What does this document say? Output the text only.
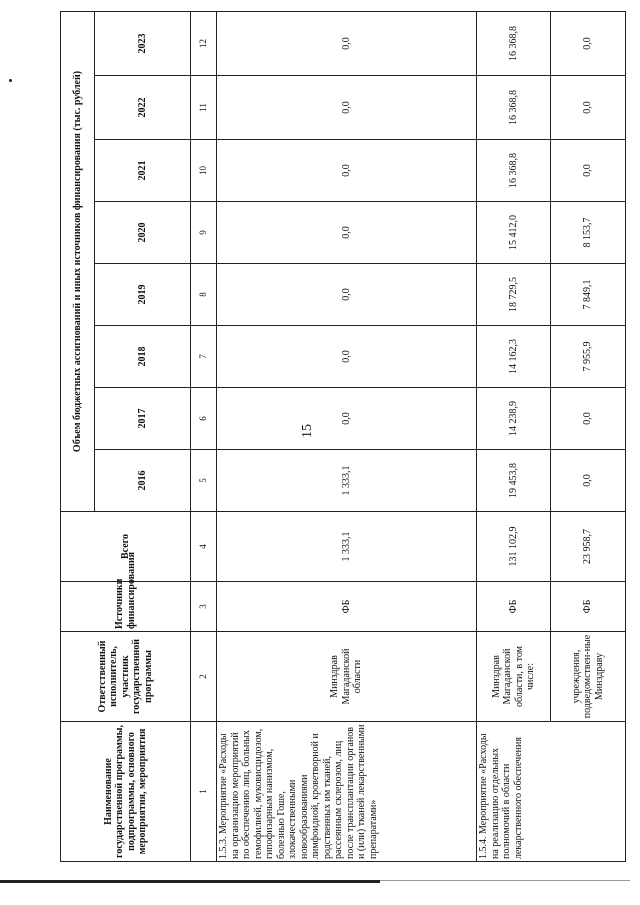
15
Наименование государственной программы, подпрограммы, основного мероприятия, мероприятия	Ответственный исполнитель, участник государственной программы	Источники финансирования	Всего	Объем бюджетных ассигнований и иных источников финансирования (тыс. рублей)							
				2016	2017	2018	2019	2020	2021	2022	2023
1	2	3	4	5	6	7	8	9	10	11	12
1.5.3. Мероприятие «Расходы на организацию мероприятий по обеспечению лиц, больных гемофилией, муковисцидозом, гипофизарным нанизмом, болезнью Гоше, злокачественными новообразованиями лимфоидной, кроветворной и родственных им тканей, рассеянным склерозом, лиц после трансплантации органов и (или) тканей лекарственными препаратами»	Минздрав Магаданской области	ФБ	1 333,1	1 333,1	0,0	0,0	0,0	0,0	0,0	0,0	0,0
1.5.4. Мероприятие «Расходы на реализацию отдельных полномочий в области лекарственного обеспечения	Минздрав Магаданской области, в том числе:	ФБ	131 102,9	19 453,8	14 238,9	14 162,3	18 729,5	15 412,0	16 368,8	16 368,8	16 368,8
	учреждения, подведомствен-ные Минздраву	ФБ	23 958,7	0,0	0,0	7 955,9	7 849,1	8 153,7	0,0	0,0	0,0
